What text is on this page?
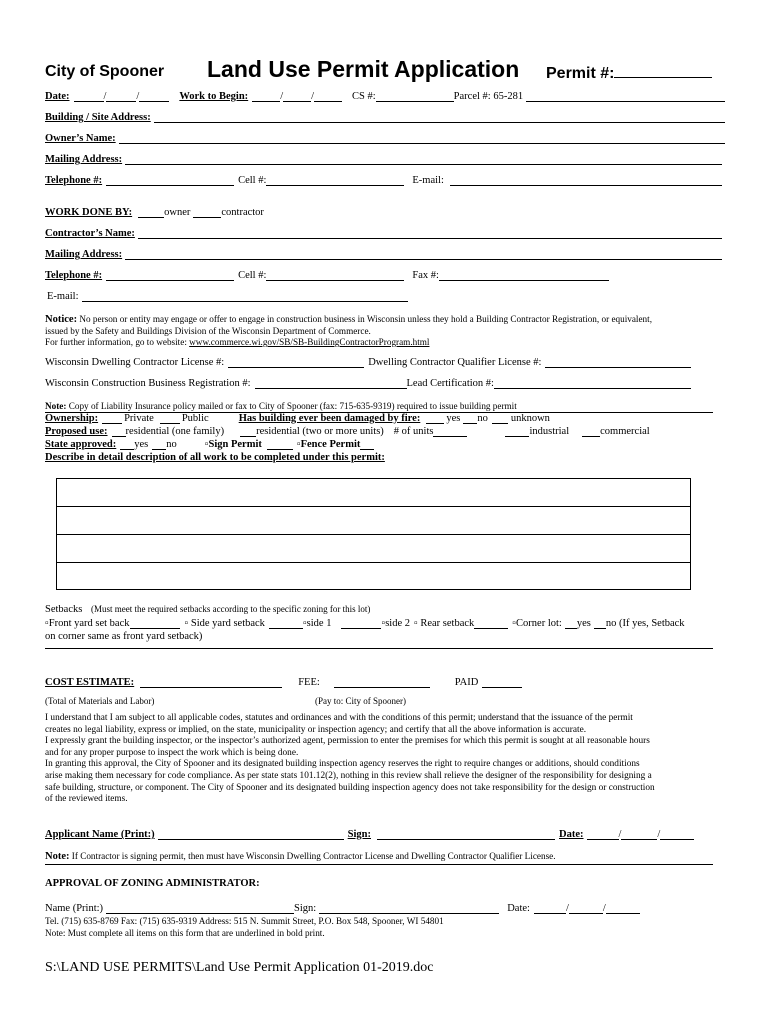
City of Spooner Land Use Permit Application Permit #:
Date:	/	/	Work to Begin:	/	/	CS #:	Parcel #: 65-281
Building / Site Address:
Owner’s Name:
Mailing Address:
Telephone #:	Cell #:	E-mail:
WORK DONE BY:	owner	contractor
Contractor’s Name:
Mailing Address:
Telephone #:	Cell #:	Fax #:
E-mail:
Notice: No person or entity may engage or offer to engage in construction business in Wisconsin unless they hold a Building Contractor Registration, or equivalent,
issued by the Safety and Buildings Division of the Wisconsin Department of Commerce.
For further information, go to website: www.commerce.wi.gov/SB/SB-BuildingContractorProgram.html
Wisconsin Dwelling Contractor License #:	Dwelling Contractor Qualifier License #:
Wisconsin Construction Business Registration #:	Lead Certification #:
Note: Copy of Liability Insurance policy mailed or fax to City of Spooner (fax: 715-635-9319) required to issue building permit
Ownership: Private	Public	Has building ever been damaged by fire: yes no unknown
Proposed use: residential (one family)	residential (two or more units) # of units	industrial	commercial
State approved: yes no	▫Sign Permit	▫Fence Permit
Describe in detail description of all work to be completed under this permit:
Setbacks (Must meet the required setbacks according to the specific zoning for this lot)
▫Front yard set back	▫ Side yard setback	▫side 1	▫side 2 ▫ Rear setback	▫Corner lot: yes no (If yes, Setback
on corner same as front yard setback)
COST ESTIMATE:	FEE:	PAID
(Total of Materials and Labor)	(Pay to: City of Spooner)
I understand that I am subject to all applicable codes, statutes and ordinances and with the conditions of this permit; understand that the issuance of the permit
creates no legal liability, express or implied, on the state, municipality or inspection agency; and certify that all the above information is accurate.
I expressly grant the building inspector, or the inspector’s authorized agent, permission to enter the premises for which this permit is sought at all reasonable hours
and for any proper purpose to inspect the work which is being done.
In granting this approval, the City of Spooner and its designated building inspection agency reserves the right to require changes or additions, should conditions
arise making them necessary for code compliance. As per state stats 101.12(2), nothing in this review shall relieve the designer of the responsibility for designing a
safe building, structure, or component. The City of Spooner and its designated building inspection agency does not take responsibility for the design or construction
of the reviewed items.
Applicant Name (Print:)	Sign:	Date:	/	/
Note: If Contractor is signing permit, then must have Wisconsin Dwelling Contractor License and Dwelling Contractor Qualifier License.
APPROVAL OF ZONING ADMINISTRATOR:
Name (Print:)	Sign:	Date:	/	/
Tel. (715) 635-8769 Fax: (715) 635-9319 Address: 515 N. Summit Street, P.O. Box 548, Spooner, WI 54801
Note: Must complete all items on this form that are underlined in bold print.
S:\LAND USE PERMITS\Land Use Permit Application 01-2019.doc
